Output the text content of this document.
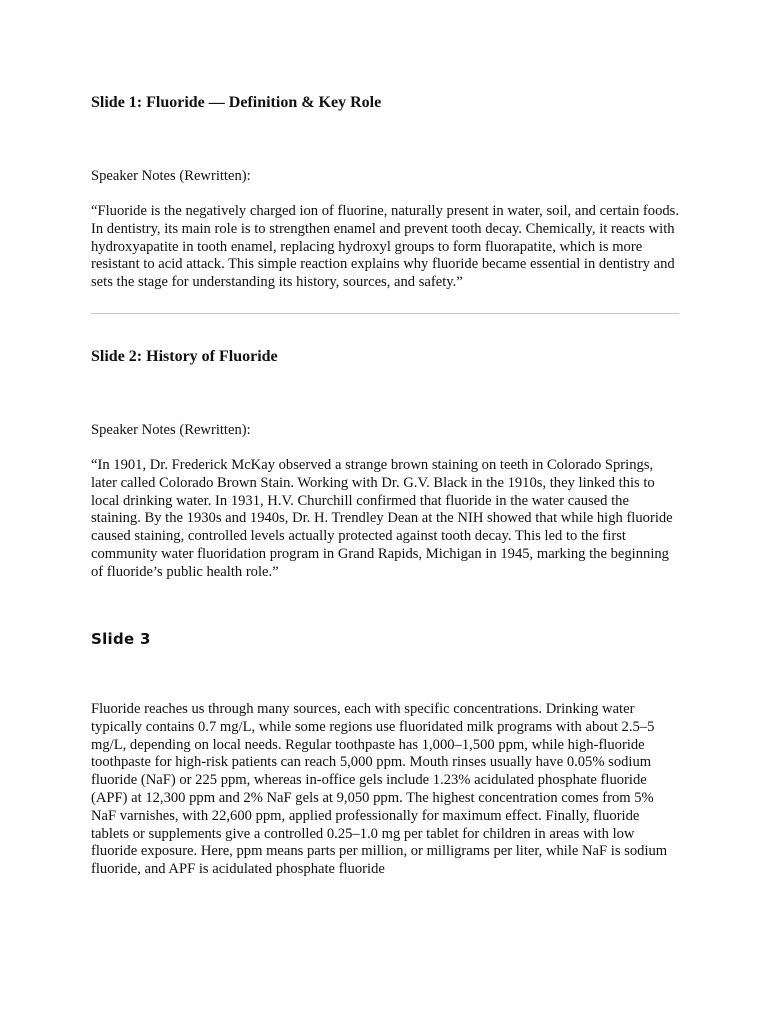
Slide 1: Fluoride — Definition & Key Role

Speaker Notes (Rewritten):

“Fluoride is the negatively charged ion of fluorine, naturally present in water, soil, and certain foods. In dentistry, its main role is to strengthen enamel and prevent tooth decay. Chemically, it reacts with hydroxyapatite in tooth enamel, replacing hydroxyl groups to form fluorapatite, which is more resistant to acid attack. This simple reaction explains why fluoride became essential in dentistry and sets the stage for understanding its history, sources, and safety.”

Slide 2: History of Fluoride

Speaker Notes (Rewritten):

“In 1901, Dr. Frederick McKay observed a strange brown staining on teeth in Colorado Springs, later called Colorado Brown Stain. Working with Dr. G.V. Black in the 1910s, they linked this to local drinking water. In 1931, H.V. Churchill confirmed that fluoride in the water caused the staining. By the 1930s and 1940s, Dr. H. Trendley Dean at the NIH showed that while high fluoride caused staining, controlled levels actually protected against tooth decay. This led to the first community water fluoridation program in Grand Rapids, Michigan in 1945, marking the beginning of fluoride’s public health role.”

Slide 3

Fluoride reaches us through many sources, each with specific concentrations. Drinking water typically contains 0.7 mg/L, while some regions use fluoridated milk programs with about 2.5–5 mg/L, depending on local needs. Regular toothpaste has 1,000–1,500 ppm, while high-fluoride toothpaste for high-risk patients can reach 5,000 ppm. Mouth rinses usually have 0.05% sodium fluoride (NaF) or 225 ppm, whereas in-office gels include 1.23% acidulated phosphate fluoride (APF) at 12,300 ppm and 2% NaF gels at 9,050 ppm. The highest concentration comes from 5% NaF varnishes, with 22,600 ppm, applied professionally for maximum effect. Finally, fluoride tablets or supplements give a controlled 0.25–1.0 mg per tablet for children in areas with low fluoride exposure. Here, ppm means parts per million, or milligrams per liter, while NaF is sodium fluoride, and APF is acidulated phosphate fluoride
